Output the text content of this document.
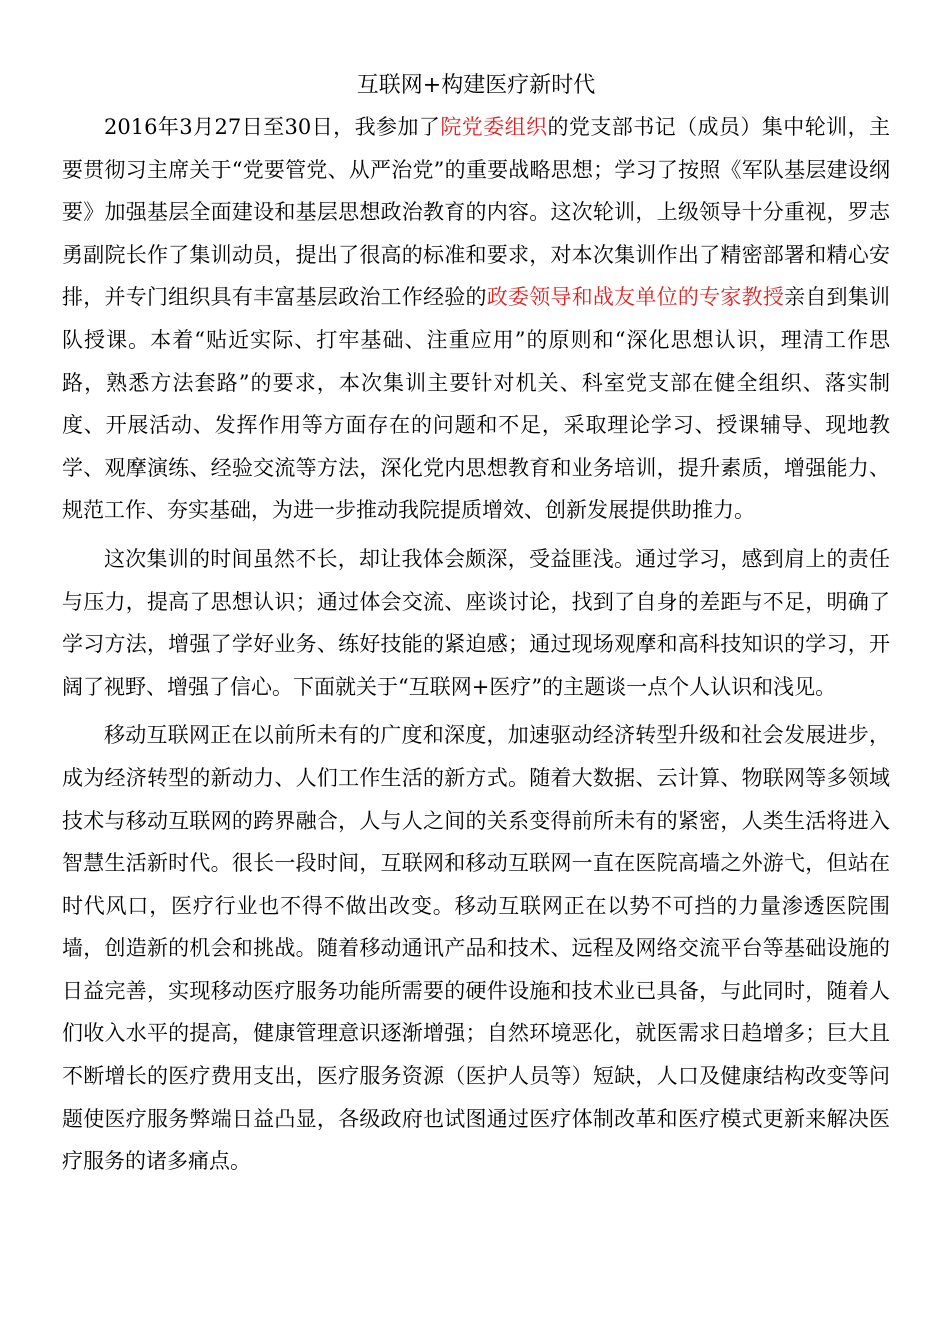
互联网+构建医疗新时代

2016年3月27日至30日，我参加了院党委组织的党支部书记（成员）集中轮训，主要贯彻习主席关于“党要管党、从严治党”的重要战略思想；学习了按照《军队基层建设纲要》加强基层全面建设和基层思想政治教育的内容。这次轮训，上级领导十分重视，罗志勇副院长作了集训动员，提出了很高的标准和要求，对本次集训作出了精密部署和精心安排，并专门组织具有丰富基层政治工作经验的政委领导和战友单位的专家教授亲自到集训队授课。本着“贴近实际、打牢基础、注重应用”的原则和“深化思想认识，理清工作思路，熟悉方法套路”的要求，本次集训主要针对机关、科室党支部在健全组织、落实制度、开展活动、发挥作用等方面存在的问题和不足，采取理论学习、授课辅导、现地教学、观摩演练、经验交流等方法，深化党内思想教育和业务培训，提升素质，增强能力、规范工作、夯实基础，为进一步推动我院提质增效、创新发展提供助推力。

这次集训的时间虽然不长，却让我体会颇深，受益匪浅。通过学习，感到肩上的责任与压力，提高了思想认识；通过体会交流、座谈讨论，找到了自身的差距与不足，明确了学习方法，增强了学好业务、练好技能的紧迫感；通过现场观摩和高科技知识的学习，开阔了视野、增强了信心。下面就关于“互联网+医疗”的主题谈一点个人认识和浅见。

移动互联网正在以前所未有的广度和深度，加速驱动经济转型升级和社会发展进步，成为经济转型的新动力、人们工作生活的新方式。随着大数据、云计算、物联网等多领域技术与移动互联网的跨界融合，人与人之间的关系变得前所未有的紧密，人类生活将进入智慧生活新时代。很长一段时间，互联网和移动互联网一直在医院高墙之外游弋，但站在时代风口，医疗行业也不得不做出改变。移动互联网正在以势不可挡的力量渗透医院围墙，创造新的机会和挑战。随着移动通讯产品和技术、远程及网络交流平台等基础设施的日益完善，实现移动医疗服务功能所需要的硬件设施和技术业已具备，与此同时，随着人们收入水平的提高，健康管理意识逐渐增强；自然环境恶化，就医需求日趋增多；巨大且不断增长的医疗费用支出，医疗服务资源（医护人员等）短缺，人口及健康结构改变等问题使医疗服务弊端日益凸显，各级政府也试图通过医疗体制改革和医疗模式更新来解决医疗服务的诸多痛点。
